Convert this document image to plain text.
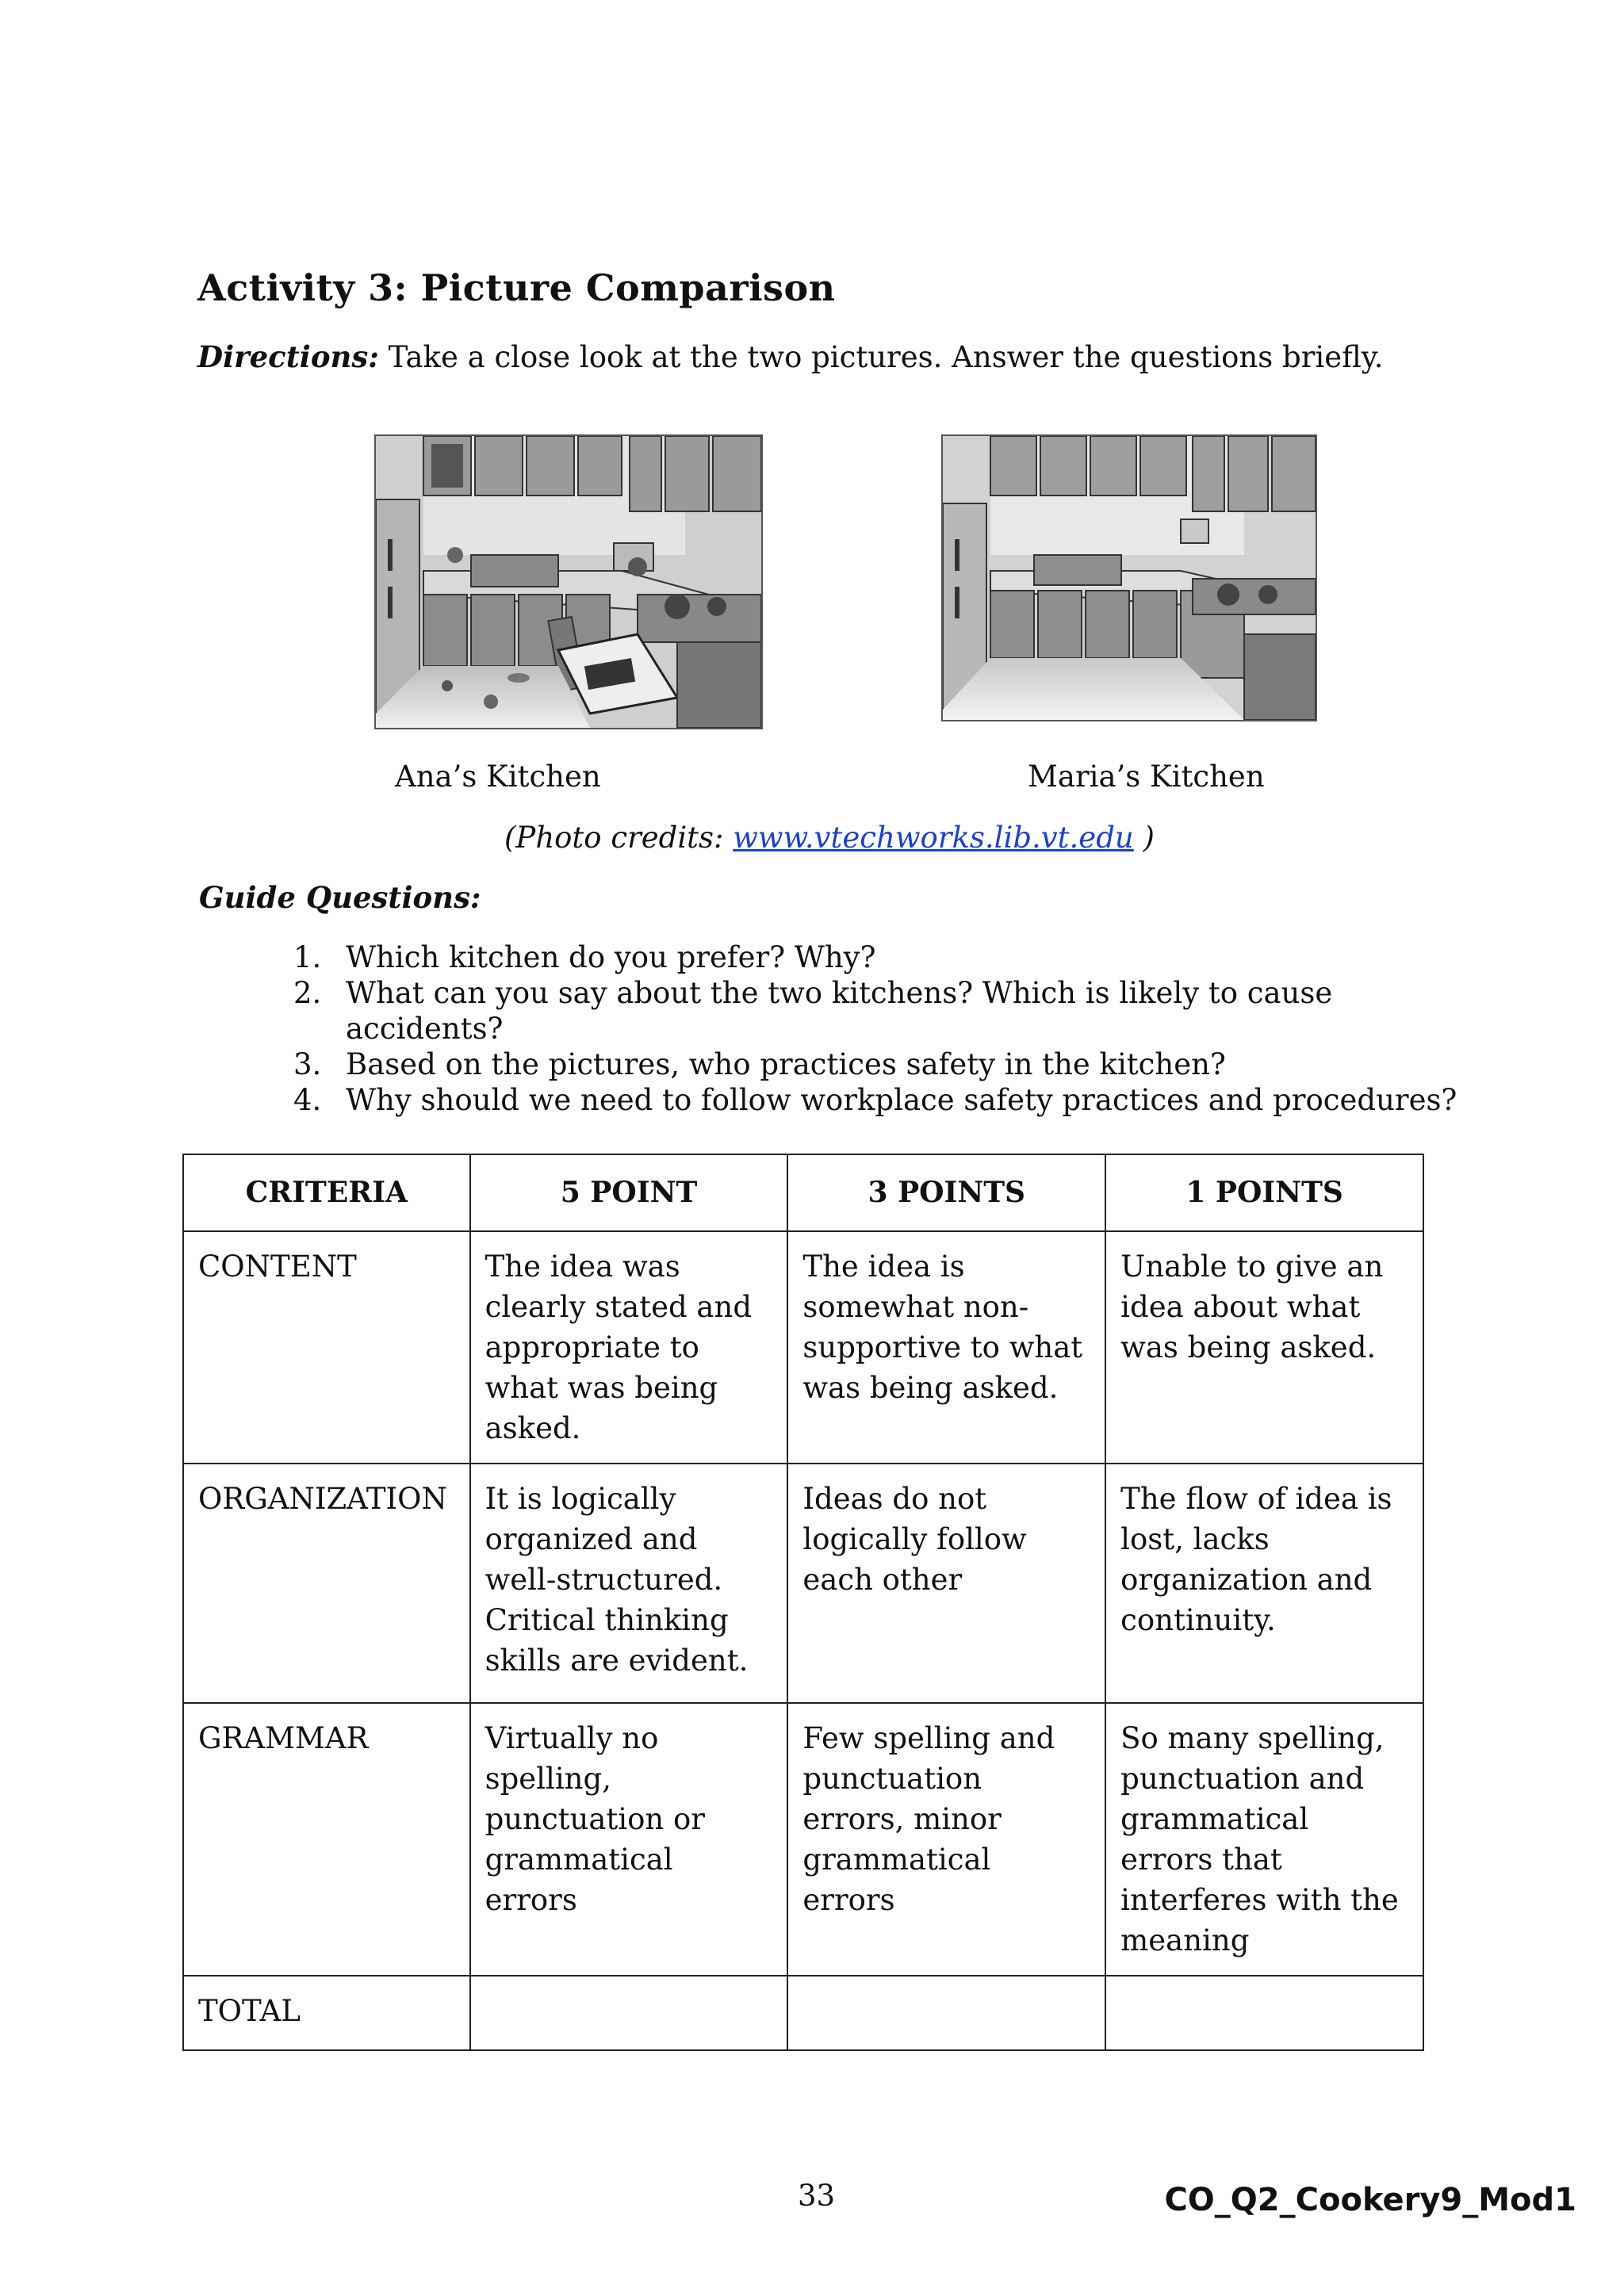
Activity 3: Picture Comparison
Directions: Take a close look at the two pictures. Answer the questions briefly.
Ana’s Kitchen	Maria’s Kitchen
(Photo credits: www.vtechworks.lib.vt.edu )
Guide Questions:
1. Which kitchen do you prefer? Why?
2. What can you say about the two kitchens? Which is likely to cause accidents?
3. Based on the pictures, who practices safety in the kitchen?
4. Why should we need to follow workplace safety practices and procedures?
CRITERIA	5 POINT	3 POINTS	1 POINTS
CONTENT	The idea was clearly stated and appropriate to what was being asked.	The idea is somewhat non-supportive to what was being asked.	Unable to give an idea about what was being asked.
ORGANIZATION	It is logically organized and well-structured. Critical thinking skills are evident.	Ideas do not logically follow each other	The flow of idea is lost, lacks organization and continuity.
GRAMMAR	Virtually no spelling, punctuation or grammatical errors	Few spelling and punctuation errors, minor grammatical errors	So many spelling, punctuation and grammatical errors that interferes with the meaning
TOTAL			
33	CO_Q2_Cookery9_Mod1
